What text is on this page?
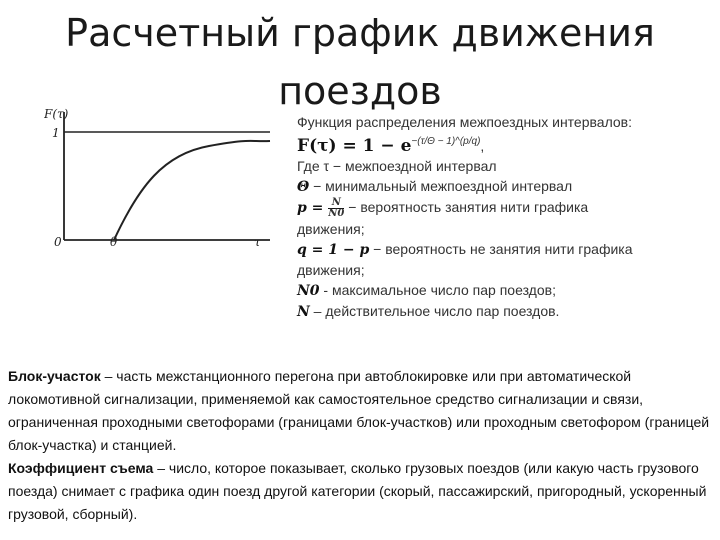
Расчетный график движения поездов
F(τ)
1
0	θ	τ
Функция распределения межпоездных интервалов:
$F(\tau) = 1 - e^{-(\tau/\Theta - 1)\^{}(p/q)}$,
Где τ − межпоездной интервал
Θ − минимальный межпоездной интервал
$p = \frac{N}{N0}$ − вероятность занятия нити графика
движения;
q = 1 − p − вероятность не занятия нити графика
движения;
N0 - максимальное число пар поездов;
N – действительное число пар поездов.

Блок-участок – часть межстанционного перегона при автоблокировке или при автоматической локомотивной сигнализации, применяемой как самостоятельное средство сигнализации и связи, ограниченная проходными светофорами (границами блок-участков) или проходным светофором (границей блок-участка) и станцией.

Коэффициент съема – число, которое показывает, сколько грузовых поездов (или какую часть грузового поезда) снимает с графика один поезд другой категории (скорый, пассажирский, пригородный, ускоренный грузовой, сборный).
